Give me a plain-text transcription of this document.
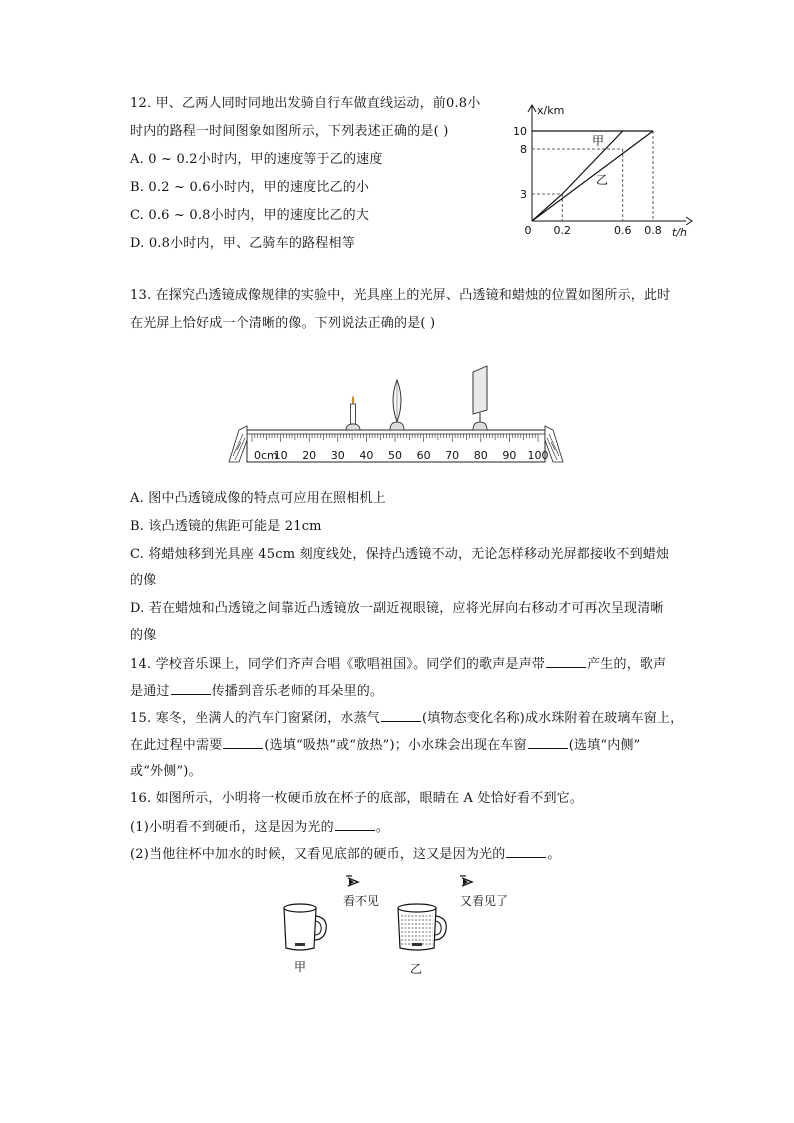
12. 甲、乙两人同时同地出发骑自行车做直线运动，前0.8小
时内的路程一时间图象如图所示，下列表述正确的是( )
A. 0 ~ 0.2小时内，甲的速度等于乙的速度
B. 0.2 ~ 0.6小时内，甲的速度比乙的小
C. 0.6 ~ 0.8小时内，甲的速度比乙的大
D. 0.8小时内，甲、乙骑车的路程相等
x/km
t/h
0
10
8
3
0.2	0.6 0.8
甲
乙
13. 在探究凸透镜成像规律的实验中，光具座上的光屏、凸透镜和蜡烛的位置如图所示，此时
在光屏上恰好成一个清晰的像。下列说法正确的是( )
0cm
10 20 30 40 50 60 70 80 90 100
A. 图中凸透镜成像的特点可应用在照相机上
B. 该凸透镜的焦距可能是 21cm
C. 将蜡烛移到光具座 45cm 刻度线处，保持凸透镜不动，无论怎样移动光屏都接收不到蜡烛
的像
D. 若在蜡烛和凸透镜之间靠近凸透镜放一副近视眼镜，应将光屏向右移动才可再次呈现清晰
的像
14. 学校音乐课上，同学们齐声合唱《歌唱祖国》。同学们的歌声是声带	产生的，歌声
是通过	传播到音乐老师的耳朵里的。
15. 寒冬，坐满人的汽车门窗紧闭，水蒸气	(填物态变化名称)成水珠附着在玻璃车窗上，
在此过程中需要	(选填“吸热”或“放热”)；小水珠会出现在车窗	(选填“内侧”
或“外侧”)。
16. 如图所示，小明将一枚硬币放在杯子的底部，眼睛在 A 处恰好看不到它。
(1)小明看不到硬币，这是因为光的	。
(2)当他往杯中加水的时候，又看见底部的硬币，这又是因为光的	。
看不见	又看见了
甲	乙
